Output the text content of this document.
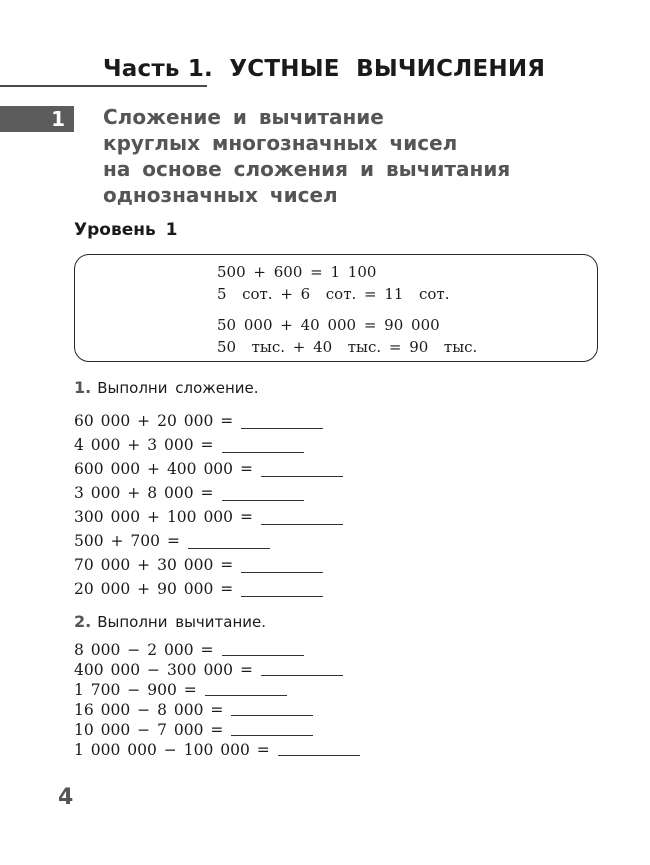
Часть 1.  УСТНЫЕ  ВЫЧИСЛЕНИЯ
1	Сложение и вычитание
круглых многозначных чисел
на основе сложения и вычитания
однозначных чисел
Уровень 1
500 + 600 = 1 100
5  сот. + 6  сот. = 11  сот.
50 000 + 40 000 = 90 000
50  тыс. + 40  тыс. = 90  тыс.
1. Выполни сложение.
60 000 + 20 000 =
4 000 + 3 000 =
600 000 + 400 000 =
3 000 + 8 000 =
300 000 + 100 000 =
500 + 700 =
70 000 + 30 000 =
20 000 + 90 000 =
2. Выполни вычитание.
8 000 − 2 000 =
400 000 − 300 000 =
1 700 − 900 =
16 000 − 8 000 =
10 000 − 7 000 =
1 000 000 − 100 000 =
4
